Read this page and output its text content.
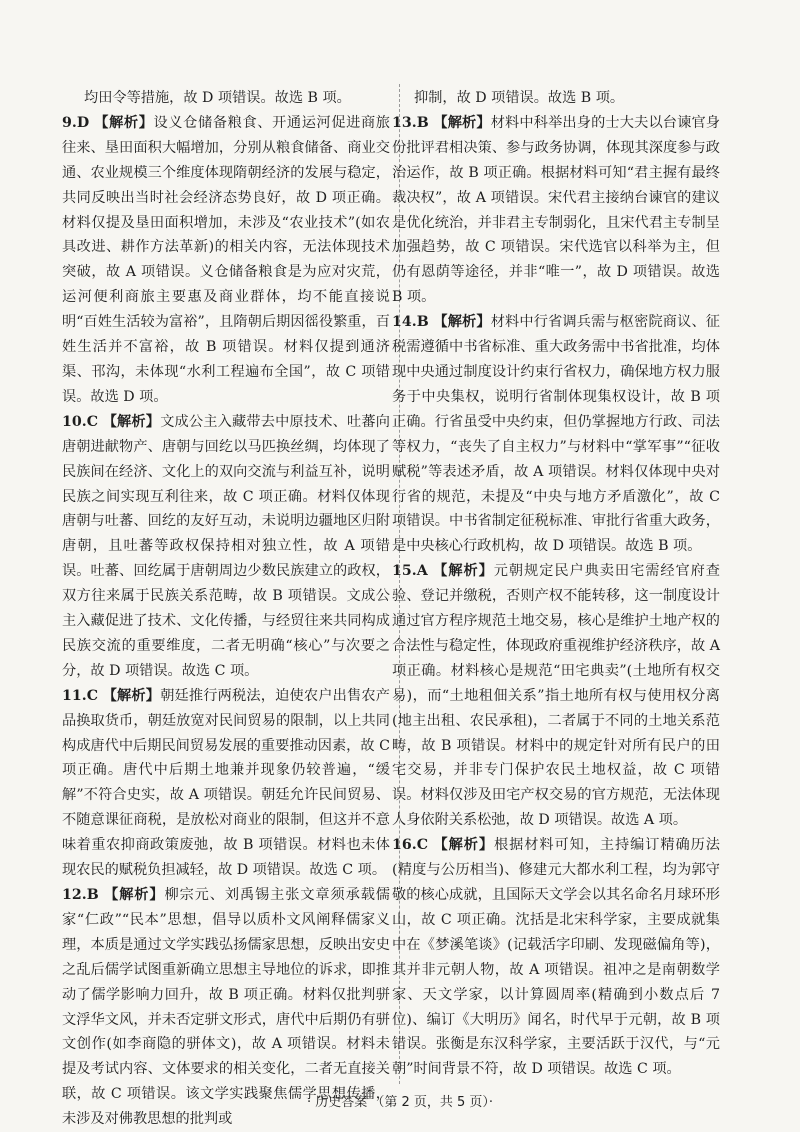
均田令等措施，故 D 项错误。故选 B 项。

9.D 【解析】设义仓储备粮食、开通运河促进商旅往来、垦田面积大幅增加，分别从粮食储备、商业交通、农业规模三个维度体现隋朝经济的发展与稳定，共同反映出当时社会经济态势良好，故 D 项正确。材料仅提及垦田面积增加，未涉及“农业技术”(如农具改进、耕作方法革新)的相关内容，无法体现技术突破，故 A 项错误。义仓储备粮食是为应对灾荒，运河便利商旅主要惠及商业群体，均不能直接说明“百姓生活较为富裕”，且隋朝后期因徭役繁重，百姓生活并不富裕，故 B 项错误。材料仅提到通济渠、邗沟，未体现“水利工程遍布全国”，故 C 项错误。故选 D 项。

10.C 【解析】文成公主入藏带去中原技术、吐蕃向唐朝进献物产、唐朝与回纥以马匹换丝绸，均体现了民族间在经济、文化上的双向交流与利益互补，说明民族之间实现互利往来，故 C 项正确。材料仅体现唐朝与吐蕃、回纥的友好互动，未说明边疆地区归附唐朝，且吐蕃等政权保持相对独立性，故 A 项错误。吐蕃、回纥属于唐朝周边少数民族建立的政权，双方往来属于民族关系范畴，故 B 项错误。文成公主入藏促进了技术、文化传播，与经贸往来共同构成民族交流的重要维度，二者无明确“核心”与次要之分，故 D 项错误。故选 C 项。

11.C 【解析】朝廷推行两税法，迫使农户出售农产品换取货币，朝廷放宽对民间贸易的限制，以上共同构成唐代中后期民间贸易发展的重要推动因素，故 C 项正确。唐代中后期土地兼并现象仍较普遍，“缓解”不符合史实，故 A 项错误。朝廷允许民间贸易、不随意课征商税，是放松对商业的限制，但这并不意味着重农抑商政策废弛，故 B 项错误。材料也未体现农民的赋税负担减轻，故 D 项错误。故选 C 项。

12.B 【解析】柳宗元、刘禹锡主张文章须承载儒家“仁政”“民本”思想，倡导以质朴文风阐释儒家义理，本质是通过文学实践弘扬儒家思想，反映出安史之乱后儒学试图重新确立思想主导地位的诉求，即推动了儒学影响力回升，故 B 项正确。材料仅批判骈文浮华文风，并未否定骈文形式，唐代中后期仍有骈文创作(如李商隐的骈体文)，故 A 项错误。材料未提及考试内容、文体要求的相关变化，二者无直接关联，故 C 项错误。该文学实践聚焦儒学思想传播，未涉及对佛教思想的批判或

抑制，故 D 项错误。故选 B 项。

13.B 【解析】材料中科举出身的士大夫以台谏官身份批评君相决策、参与政务协调，体现其深度参与政治运作，故 B 项正确。根据材料可知“君主握有最终裁决权”，故 A 项错误。宋代君主接纳台谏官的建议是优化统治，并非君主专制弱化，且宋代君主专制呈加强趋势，故 C 项错误。宋代选官以科举为主，但仍有恩荫等途径，并非“唯一”，故 D 项错误。故选 B 项。

14.B 【解析】材料中行省调兵需与枢密院商议、征税需遵循中书省标准、重大政务需中书省批准，均体现中央通过制度设计约束行省权力，确保地方权力服务于中央集权，说明行省制体现集权设计，故 B 项正确。行省虽受中央约束，但仍掌握地方行政、司法等权力，“丧失了自主权力”与材料中“掌军事”“征收赋税”等表述矛盾，故 A 项错误。材料仅体现中央对行省的规范，未提及“中央与地方矛盾激化”，故 C 项错误。中书省制定征税标准、审批行省重大政务，是中央核心行政机构，故 D 项错误。故选 B 项。

15.A 【解析】元朝规定民户典卖田宅需经官府查验、登记并缴税，否则产权不能转移，这一制度设计通过官方程序规范土地交易，核心是维护土地产权的合法性与稳定性，体现政府重视维护经济秩序，故 A 项正确。材料核心是规范“田宅典卖”(土地所有权交易)，而“土地租佃关系”指土地所有权与使用权分离(地主出租、农民承租)，二者属于不同的土地关系范畴，故 B 项错误。材料中的规定针对所有民户的田宅交易，并非专门保护农民土地权益，故 C 项错误。材料仅涉及田宅产权交易的官方规范，无法体现人身依附关系松弛，故 D 项错误。故选 A 项。

16.C 【解析】根据材料可知，主持编订精确历法(精度与公历相当)、修建元大都水利工程，均为郭守敬的核心成就，且国际天文学会以其名命名月球环形山，故 C 项正确。沈括是北宋科学家，主要成就集中在《梦溪笔谈》(记载活字印刷、发现磁偏角等)，其并非元朝人物，故 A 项错误。祖冲之是南朝数学家、天文学家，以计算圆周率(精确到小数点后 7 位)、编订《大明历》闻名，时代早于元朝，故 B 项错误。张衡是东汉科学家，主要活跃于汉代，与“元朝”时间背景不符，故 D 项错误。故选 C 项。

· 历史答案 （第 2 页，共 5 页）·
